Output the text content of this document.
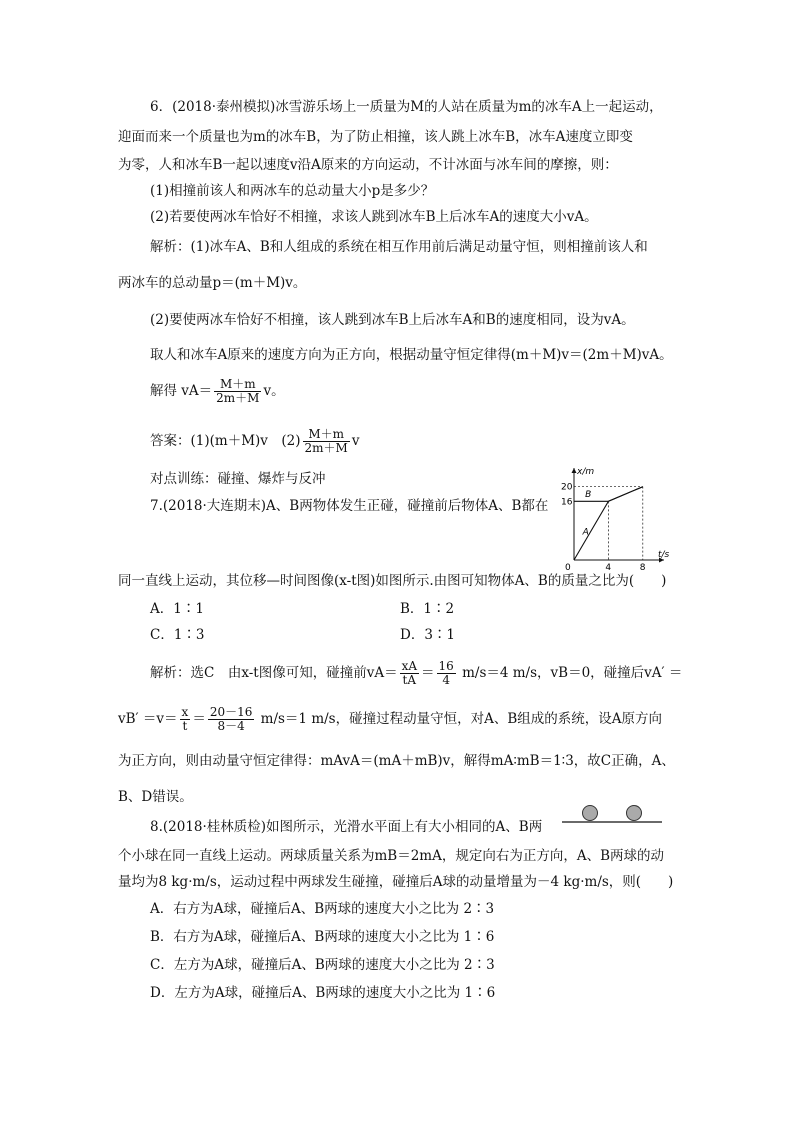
6．(2018·泰州模拟)冰雪游乐场上一质量为M的人站在质量为m的冰车A上一起运动，
迎面而来一个质量也为m的冰车B，为了防止相撞，该人跳上冰车B，冰车A速度立即变
为零，人和冰车B一起以速度v沿A原来的方向运动，不计冰面与冰车间的摩擦，则：
(1)相撞前该人和两冰车的总动量大小p是多少？
(2)若要使两冰车恰好不相撞，求该人跳到冰车B上后冰车A的速度大小vA。
解析：(1)冰车A、B和人组成的系统在相互作用前后满足动量守恒，则相撞前该人和
两冰车的总动量p＝(m＋M)v。
(2)要使两冰车恰好不相撞，该人跳到冰车B上后冰车A和B的速度相同，设为vA。
取人和冰车A原来的速度方向为正方向，根据动量守恒定律得(m＋M)v＝(2m＋M)vA。
解得 $vA= \frac{M+m}{2m+M}$ v。
答案：(1)(m＋M)v　$(2) \frac{M+m}{2m+M}$ v
对点训练：碰撞、爆炸与反冲
7.(2018·大连期末)A、B两物体发生正碰，碰撞前后物体A、B都在
t/s
x/m
0	4	8
16
20
A
B
同一直线上运动，其位移—时间图像(x-t图)如图所示.由图可知物体A、B的质量之比为(　　)
A．1∶1	B．1∶2
C．1∶3	D．3∶1
解析：选C　由x-t图像可知，碰撞前$vA= \frac{xA}{tA} = \frac{16}{4} m/s=4$ m/s，vB＝0，碰撞后vA′ ＝
$vB' =v= \frac{x}{t} = \frac{20-16}{8-4} m/s=1$ m/s，碰撞过程动量守恒，对A、B组成的系统，设A原方向
为正方向，则由动量守恒定律得：mAvA＝(mA＋mB)v，解得mA∶mB＝1∶3，故C正确，A、
B、D错误。
8.(2018·桂林质检)如图所示，光滑水平面上有大小相同的A、B两
个小球在同一直线上运动。两球质量关系为mB＝2mA，规定向右为正方向，A、B两球的动
量均为8 kg·m/s，运动过程中两球发生碰撞，碰撞后A球的动量增量为－4 kg·m/s，则(　　)
A．右方为A球，碰撞后A、B两球的速度大小之比为 2∶3
B．右方为A球，碰撞后A、B两球的速度大小之比为 1∶6
C．左方为A球，碰撞后A、B两球的速度大小之比为 2∶3
D．左方为A球，碰撞后A、B两球的速度大小之比为 1∶6
